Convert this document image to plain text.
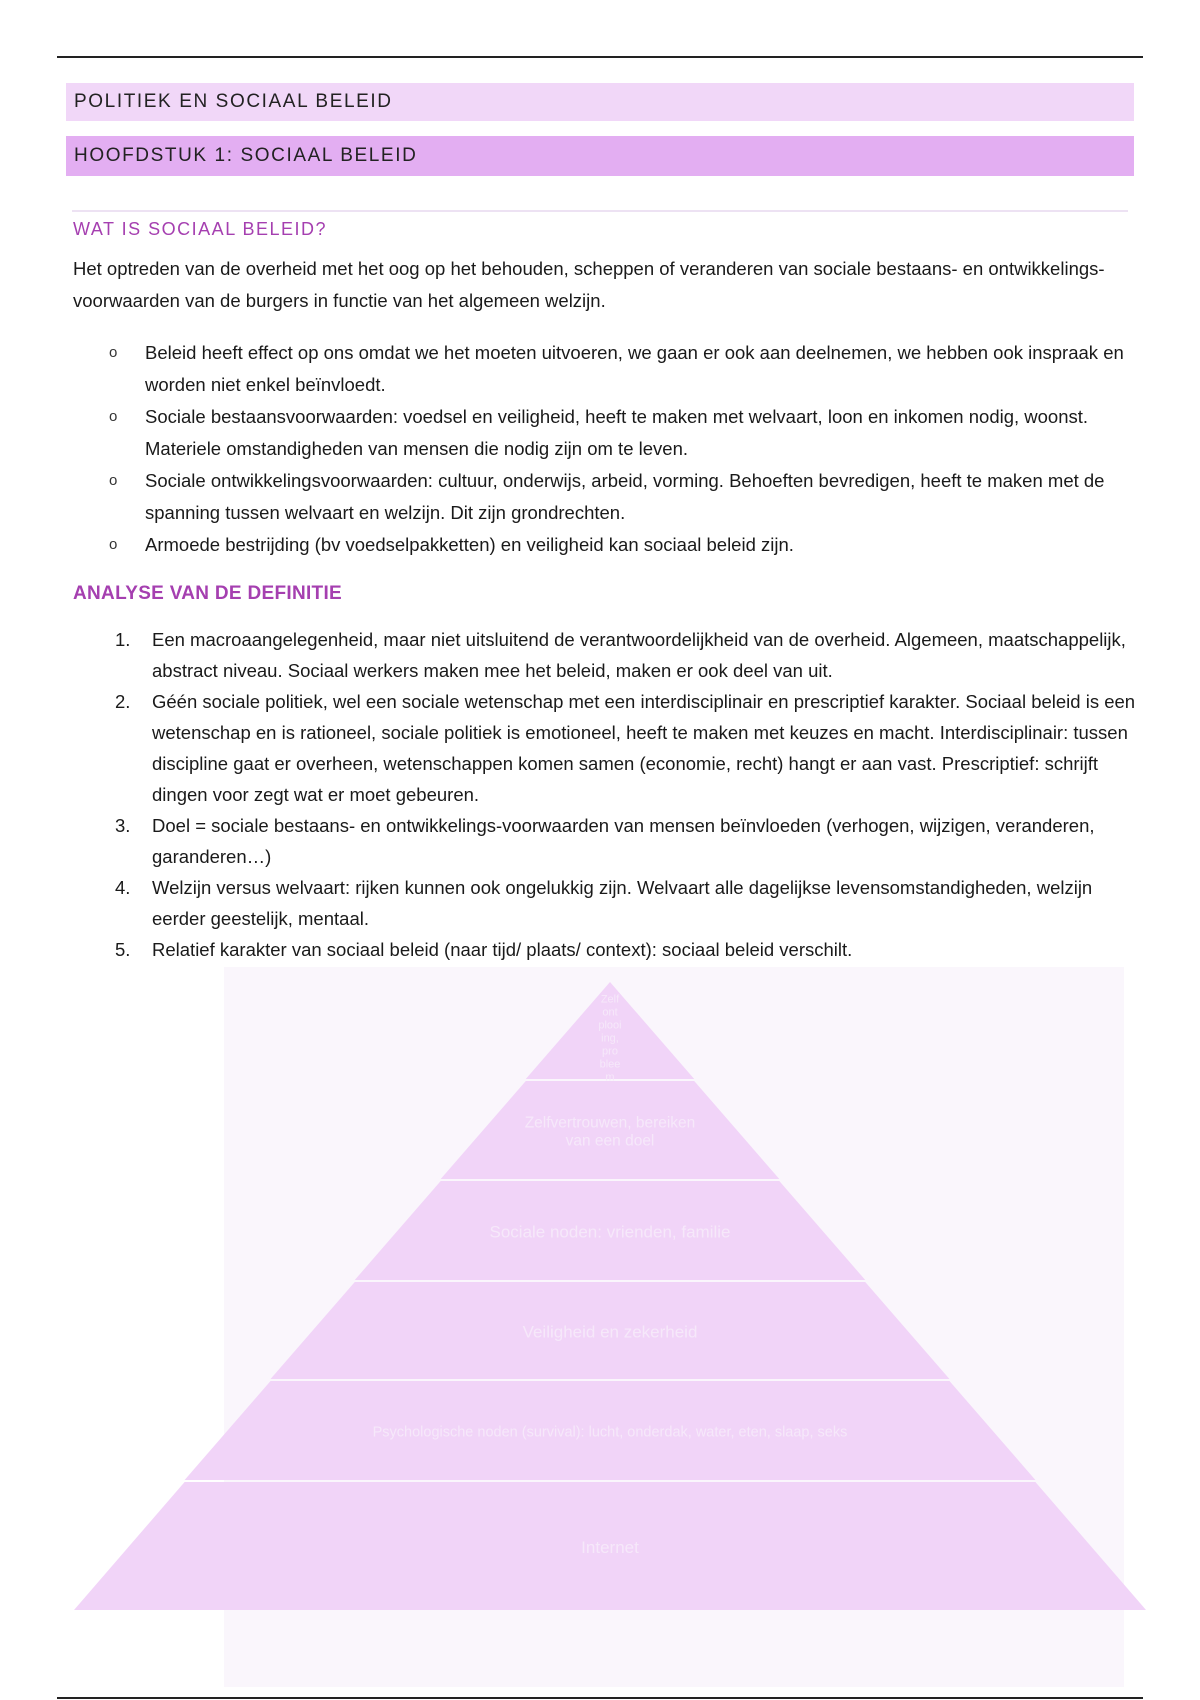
POLITIEK EN SOCIAAL BELEID
HOOFDSTUK 1: SOCIAAL BELEID
WAT IS SOCIAAL BELEID?
Het optreden van de overheid met het oog op het behouden, scheppen of veranderen van sociale bestaans- en ontwikkelings-voorwaarden van de burgers in functie van het algemeen welzijn.
o Beleid heeft effect op ons omdat we het moeten uitvoeren, we gaan er ook aan deelnemen, we hebben ook inspraak en worden niet enkel beïnvloedt.
o Sociale bestaansvoorwaarden: voedsel en veiligheid, heeft te maken met welvaart, loon en inkomen nodig, woonst. Materiele omstandigheden van mensen die nodig zijn om te leven.
o Sociale ontwikkelingsvoorwaarden: cultuur, onderwijs, arbeid, vorming. Behoeften bevredigen, heeft te maken met de spanning tussen welvaart en welzijn. Dit zijn grondrechten.
o Armoede bestrijding (bv voedselpakketten) en veiligheid kan sociaal beleid zijn.
ANALYSE VAN DE DEFINITIE
1. Een macroaangelegenheid, maar niet uitsluitend de verantwoordelijkheid van de overheid. Algemeen, maatschappelijk, abstract niveau. Sociaal werkers maken mee het beleid, maken er ook deel van uit.
2. Géén sociale politiek, wel een sociale wetenschap met een interdisciplinair en prescriptief karakter. Sociaal beleid is een wetenschap en is rationeel, sociale politiek is emotioneel, heeft te maken met keuzes en macht. Interdisciplinair: tussen discipline gaat er overheen, wetenschappen komen samen (economie, recht) hangt er aan vast. Prescriptief: schrijft dingen voor zegt wat er moet gebeuren.
3. Doel = sociale bestaans- en ontwikkelings-voorwaarden van mensen beïnvloeden (verhogen, wijzigen, veranderen, garanderen…)
4. Welzijn versus welvaart: rijken kunnen ook ongelukkig zijn. Welvaart alle dagelijkse levensomstandigheden, welzijn eerder geestelijk, mentaal.
5. Relatief karakter van sociaal beleid (naar tijd/ plaats/ context): sociaal beleid verschilt.
Zelf
ont
plooi
ing,
pro
blee
m
Zelfvertrouwen, bereiken
van een doel
Sociale noden: vrienden, familie
Veiligheid en zekerheid
Psychologische noden (survival): lucht, onderdak, water, eten, slaap, seks
Internet
